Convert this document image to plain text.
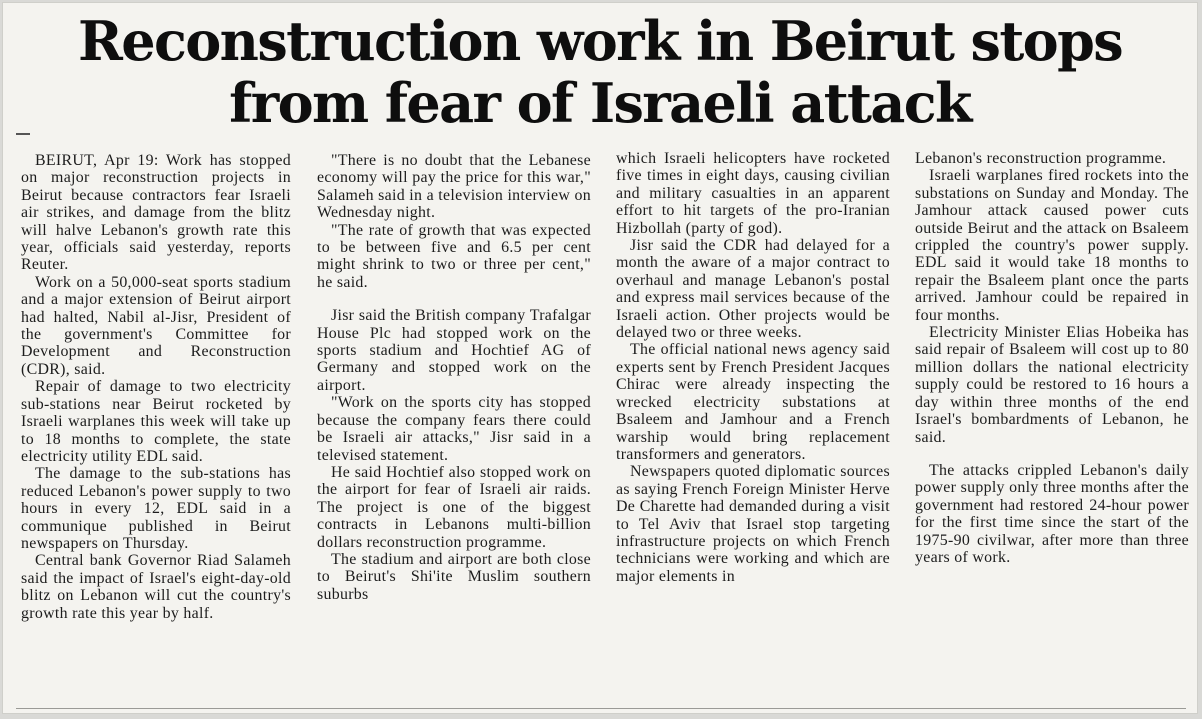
Reconstruction work in Beirut stops from fear of Israeli attack

BEIRUT, Apr 19: Work has stopped on major reconstruction projects in Beirut because contractors fear Israeli air strikes, and damage from the blitz will halve Lebanon's growth rate this year, officials said yesterday, reports Reuter.

Work on a 50,000-seat sports stadium and a major extension of Beirut airport had halted, Nabil al-Jisr, President of the government's Committee for Development and Reconstruction (CDR), said.

Repair of damage to two electricity sub-stations near Beirut rocketed by Israeli warplanes this week will take up to 18 months to complete, the state electricity utility EDL said.

The damage to the sub-stations has reduced Lebanon's power supply to two hours in every 12, EDL said in a communique published in Beirut newspapers on Thursday.

Central bank Governor Riad Salameh said the impact of Israel's eight-day-old blitz on Lebanon will cut the country's growth rate this year by half.

"There is no doubt that the Lebanese economy will pay the price for this war," Salameh said in a television interview on Wednesday night.

"The rate of growth that was expected to be between five and 6.5 per cent might shrink to two or three per cent," he said.

Jisr said the British company Trafalgar House Plc had stopped work on the sports stadium and Hochtief AG of Germany and stopped work on the airport.

"Work on the sports city has stopped because the company fears there could be Israeli air attacks," Jisr said in a televised statement.

He said Hochtief also stopped work on the airport for fear of Israeli air raids. The project is one of the biggest contracts in Lebanons multi-billion dollars reconstruction programme.

The stadium and airport are both close to Beirut's Shi'ite Muslim southern suburbs

which Israeli helicopters have rocketed five times in eight days, causing civilian and military casualties in an apparent effort to hit targets of the pro-Iranian Hizbollah (party of god).

Jisr said the CDR had delayed for a month the aware of a major contract to overhaul and manage Lebanon's postal and express mail services because of the Israeli action. Other projects would be delayed two or three weeks.

The official national news agency said experts sent by French President Jacques Chirac were already inspecting the wrecked electricity substations at Bsaleem and Jamhour and a French warship would bring replacement transformers and generators.

Newspapers quoted diplomatic sources as saying French Foreign Minister Herve De Charette had demanded during a visit to Tel Aviv that Israel stop targeting infrastructure projects on which French technicians were working and which are major elements in

Lebanon's reconstruction programme.

Israeli warplanes fired rockets into the substations on Sunday and Monday. The Jamhour attack caused power cuts outside Beirut and the attack on Bsaleem crippled the country's power supply. EDL said it would take 18 months to repair the Bsaleem plant once the parts arrived. Jamhour could be repaired in four months.

Electricity Minister Elias Hobeika has said repair of Bsaleem will cost up to 80 million dollars the national electricity supply could be restored to 16 hours a day within three months of the end Israel's bombardments of Lebanon, he said.

The attacks crippled Lebanon's daily power supply only three months after the government had restored 24-hour power for the first time since the start of the 1975-90 civilwar, after more than three years of work.
